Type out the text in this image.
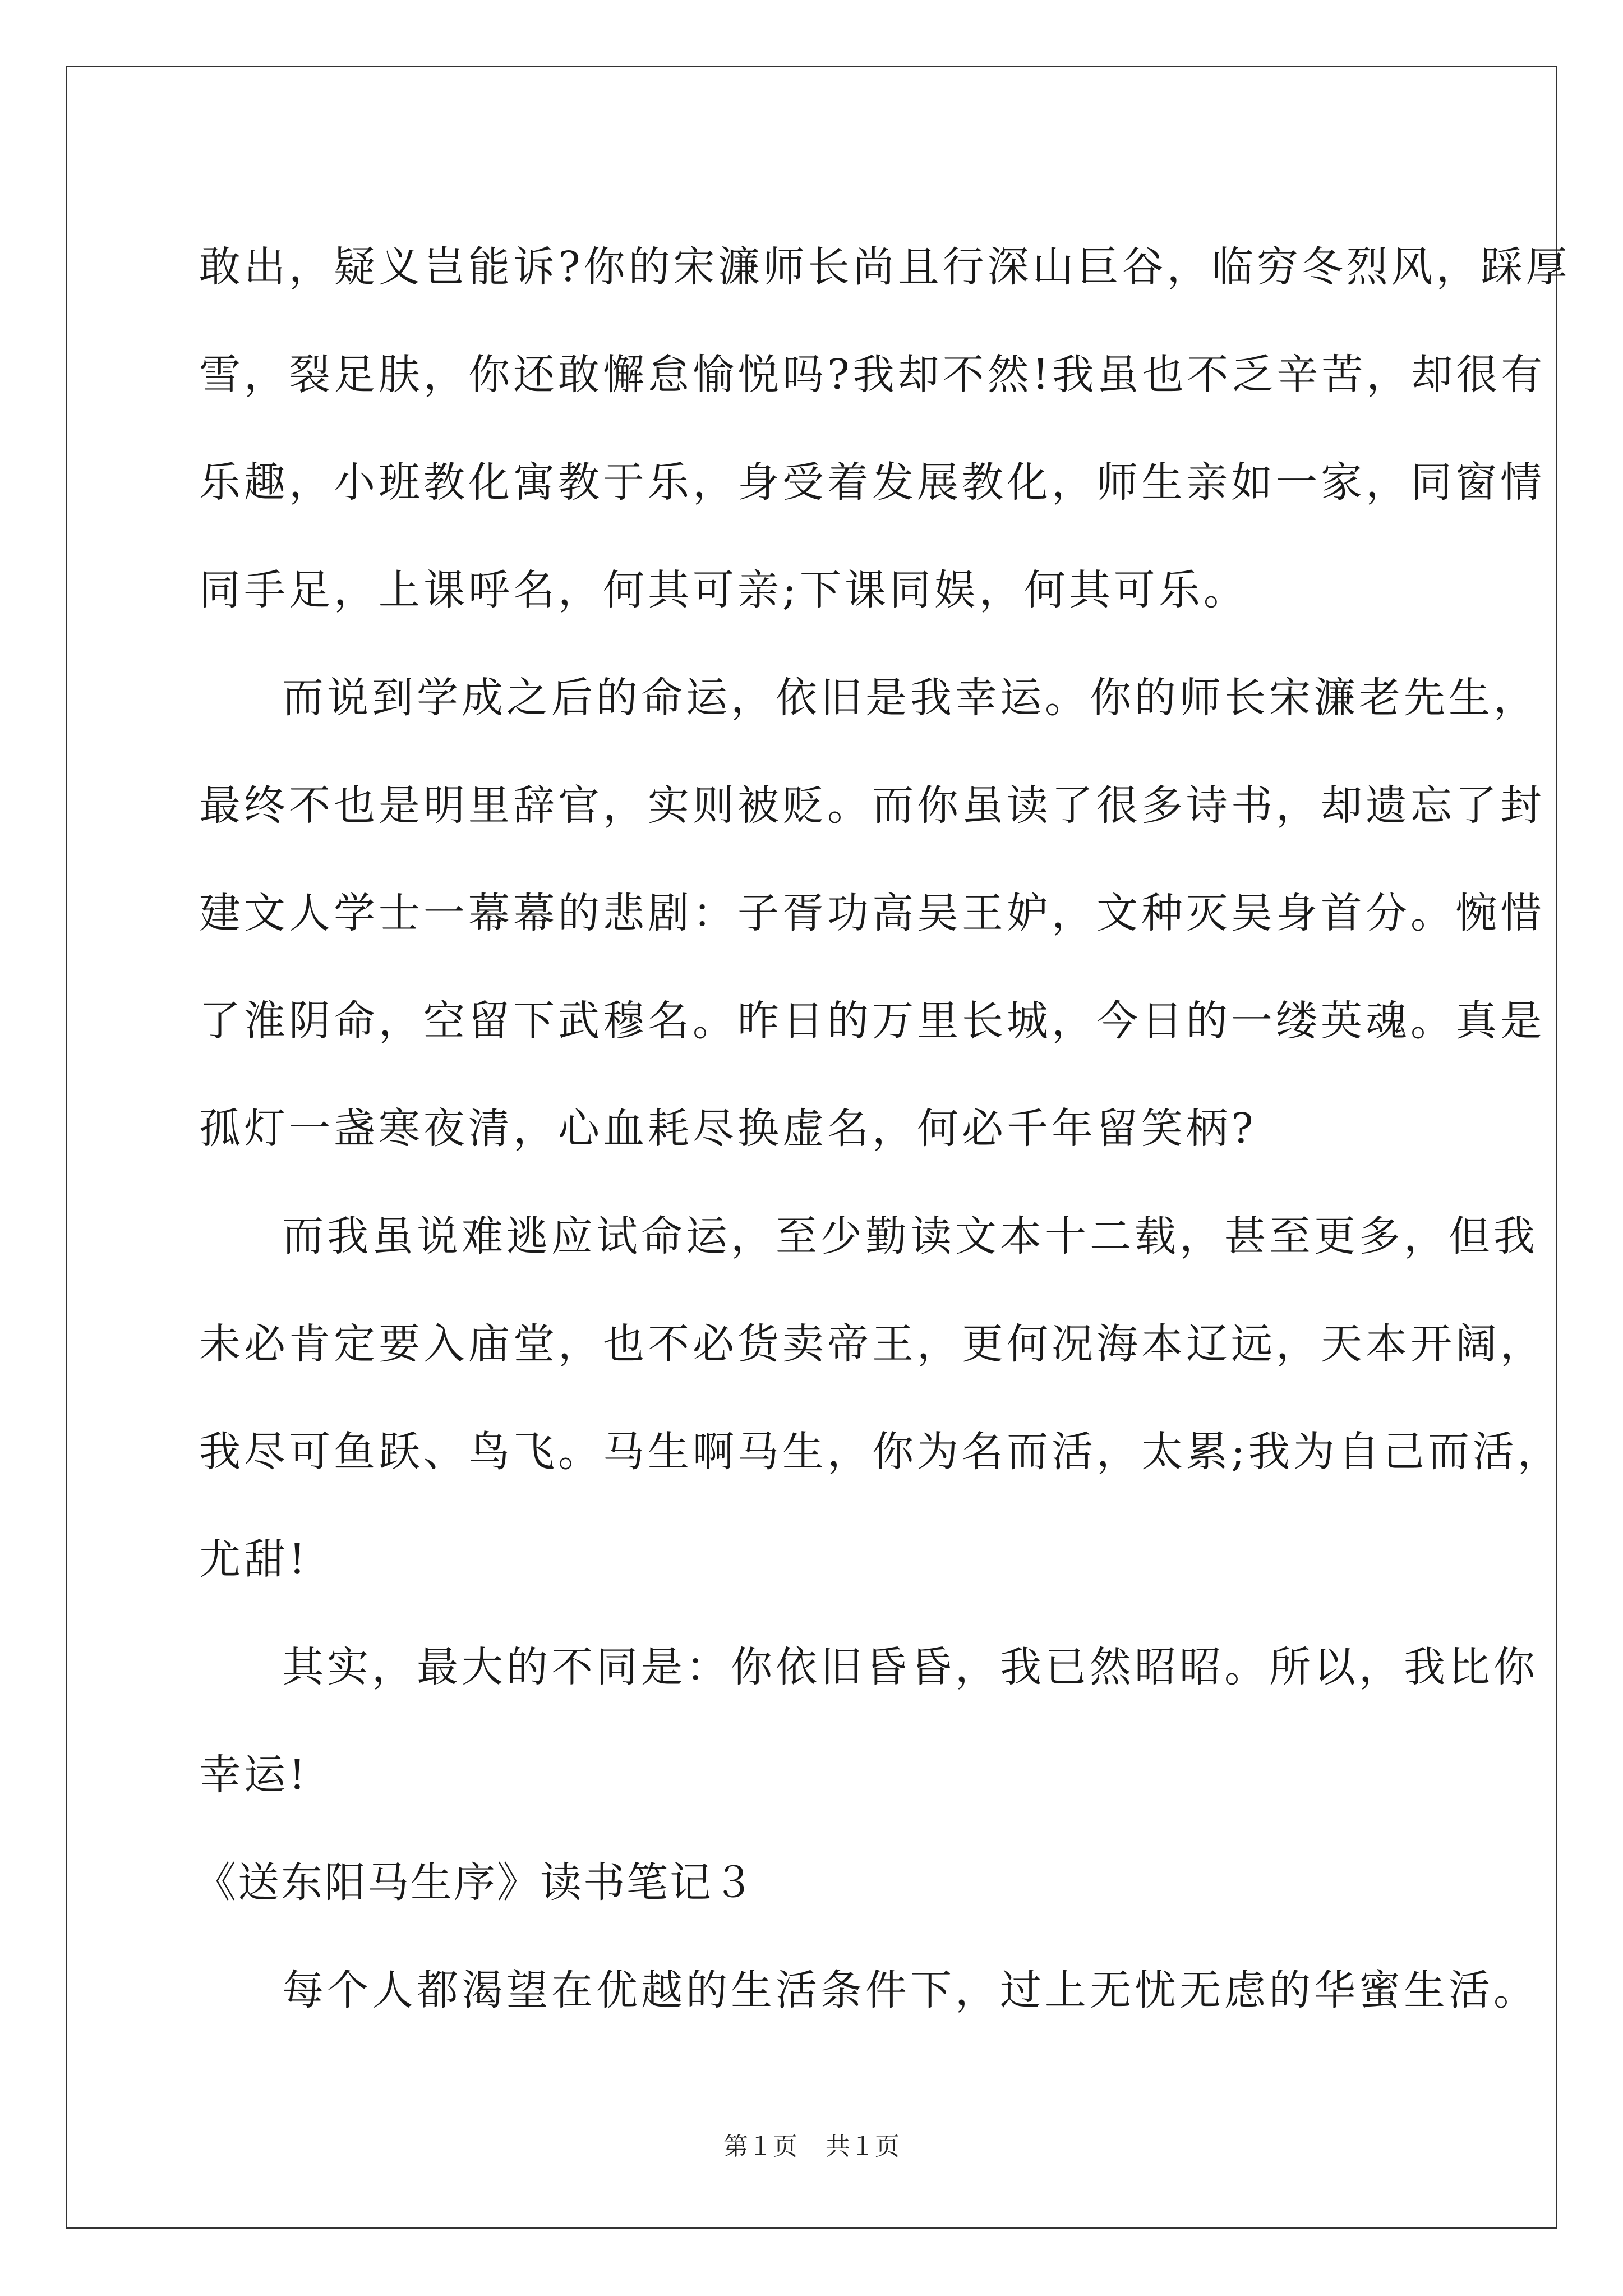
敢出，疑义岂能诉?你的宋濂师长尚且行深山巨谷，临穷冬烈风，踩厚
雪，裂足肤，你还敢懈怠愉悦吗?我却不然!我虽也不乏辛苦，却很有
乐趣，小班教化寓教于乐，身受着发展教化，师生亲如一家，同窗情
同手足，上课呼名，何其可亲;下课同娱，何其可乐。
而说到学成之后的命运，依旧是我幸运。你的师长宋濂老先生，
最终不也是明里辞官，实则被贬。而你虽读了很多诗书，却遗忘了封
建文人学士一幕幕的悲剧：子胥功高吴王妒，文种灭吴身首分。惋惜
了淮阴命，空留下武穆名。昨日的万里长城，今日的一缕英魂。真是
孤灯一盏寒夜清，心血耗尽换虚名，何必千年留笑柄?
而我虽说难逃应试命运，至少勤读文本十二载，甚至更多，但我
未必肯定要入庙堂，也不必货卖帝王，更何况海本辽远，天本开阔，
我尽可鱼跃、鸟飞。马生啊马生，你为名而活，太累;我为自己而活，
尤甜!
其实，最大的不同是：你依旧昏昏，我已然昭昭。所以，我比你
幸运!
《送东阳马生序》读书笔记３
每个人都渴望在优越的生活条件下，过上无忧无虑的华蜜生活。
第１页 共１页
